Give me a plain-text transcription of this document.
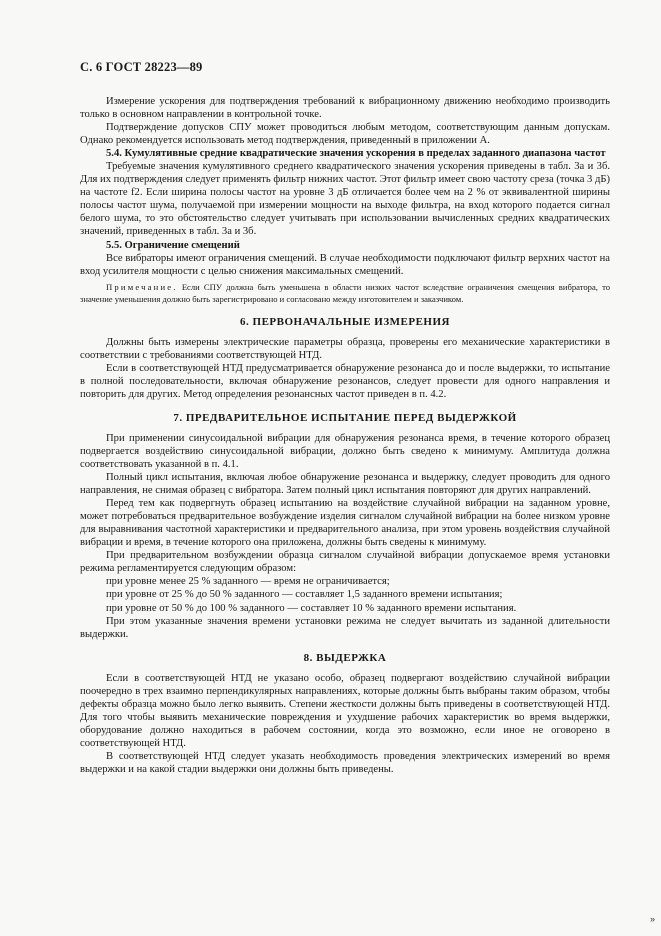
С. 6 ГОСТ 28223—89

Измерение ускорения для подтверждения требований к вибрационному движению необходимо производить только в основном направлении в контрольной точке.

Подтверждение допусков СПУ может проводиться любым методом, соответствующим данным допускам. Однако рекомендуется использовать метод подтверждения, приведенный в приложении А.

5.4. Кумулятивные средние квадратические значения ускорения в пределах заданного диапазона частот

Требуемые значения кумулятивного среднего квадратического значения ускорения приведены в табл. 3а и 3б. Для их подтверждения следует применять фильтр нижних частот. Этот фильтр имеет свою частоту среза (точка 3 дБ) на частоте f2. Если ширина полосы частот на уровне 3 дБ отличается более чем на 2 % от эквивалентной ширины полосы частот шума, получаемой при измерении мощности на выходе фильтра, на вход которого подается сигнал белого шума, то это обстоятельство следует учитывать при использовании вычисленных средних квадратических значений, приведенных в табл. 3а и 3б.

5.5. Ограничение смещений

Все вибраторы имеют ограничения смещений. В случае необходимости подключают фильтр верхних частот на вход усилителя мощности с целью снижения максимальных смещений.

Примечание. Если СПУ должна быть уменьшена в области низких частот вследствие ограничения смещения вибратора, то значение уменьшения должно быть зарегистрировано и согласовано между изготовителем и заказчиком.
6. ПЕРВОНАЧАЛЬНЫЕ ИЗМЕРЕНИЯ

Должны быть измерены электрические параметры образца, проверены его механические характеристики в соответствии с требованиями соответствующей НТД.

Если в соответствующей НТД предусматривается обнаружение резонанса до и после выдержки, то испытание в полной последовательности, включая обнаружение резонансов, следует провести для одного направления и повторить для других. Метод определения резонансных частот приведен в п. 4.2.

7. ПРЕДВАРИТЕЛЬНОЕ ИСПЫТАНИЕ ПЕРЕД ВЫДЕРЖКОЙ

При применении синусоидальной вибрации для обнаружения резонанса время, в течение которого образец подвергается воздействию синусоидальной вибрации, должно быть сведено к минимуму. Амплитуда должна соответствовать указанной в п. 4.1.

Полный цикл испытания, включая любое обнаружение резонанса и выдержку, следует проводить для одного направления, не снимая образец с вибратора. Затем полный цикл испытания повторяют для других направлений.

Перед тем как подвергнуть образец испытанию на воздействие случайной вибрации на заданном уровне, может потребоваться предварительное возбуждение изделия сигналом случайной вибрации на более низком уровне для выравнивания частотной характеристики и предварительного анализа, при этом уровень воздействия случайной вибрации и время, в течение которого она приложена, должны быть сведены к минимуму.

При предварительном возбуждении образца сигналом случайной вибрации допускаемое время установки режима регламентируется следующим образом:

при уровне менее 25 % заданного — время не ограничивается;

при уровне от 25 % до 50 % заданного — составляет 1,5 заданного времени испытания;

при уровне от 50 % до 100 % заданного — составляет 10 % заданного времени испытания.

При этом указанные значения времени установки режима не следует вычитать из заданной длительности выдержки.

8. ВЫДЕРЖКА

Если в соответствующей НТД не указано особо, образец подвергают воздействию случайной вибрации поочередно в трех взаимно перпендикулярных направлениях, которые должны быть выбраны таким образом, чтобы дефекты образца можно было легко выявить. Степени жесткости должны быть приведены в соответствующей НТД. Для того чтобы выявить механические повреждения и ухудшение рабочих характеристик во время выдержки, оборудование должно находиться в рабочем состоянии, когда это возможно, если иное не оговорено в соответствующей НТД.

В соответствующей НТД следует указать необходимость проведения электрических измерений во время выдержки и на какой стадии выдержки они должны быть приведены.

»
